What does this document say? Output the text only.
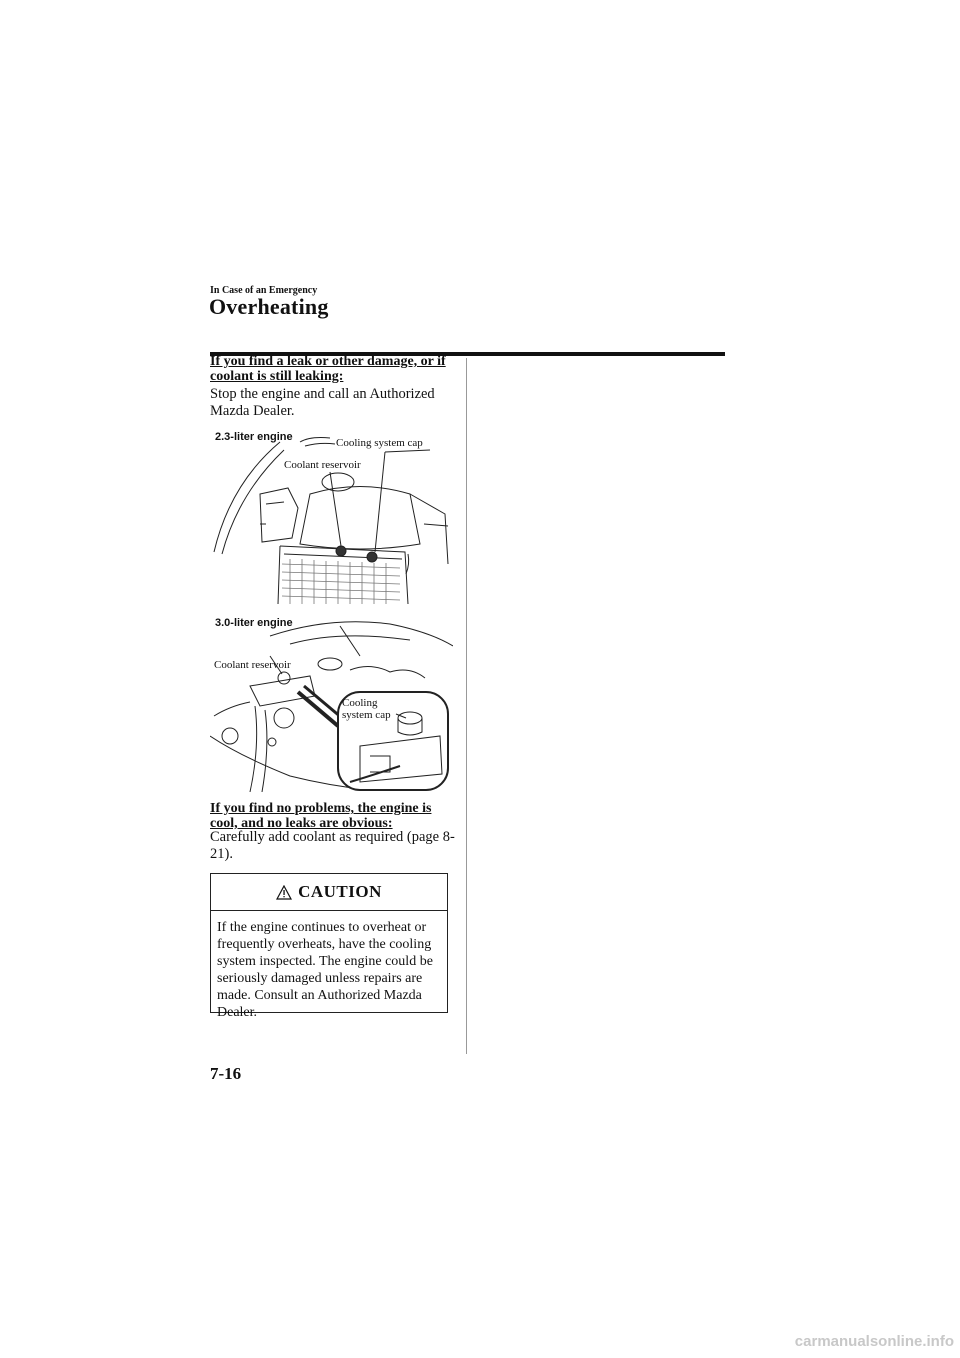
In Case of an Emergency
Overheating
If you find a leak or other damage, or if coolant is still leaking:
Stop the engine and call an Authorized Mazda Dealer.
2.3-liter engine	Cooling system cap
Coolant reservoir
3.0-liter engine
Coolant reservoir
Cooling
system cap
If you find no problems, the engine is cool, and no leaks are obvious:
Carefully add coolant as required (page 8-21).
CAUTION
If the engine continues to overheat or frequently overheats, have the cooling system inspected. The engine could be seriously damaged unless repairs are made. Consult an Authorized Mazda Dealer.
7-16
carmanualsonline.info
